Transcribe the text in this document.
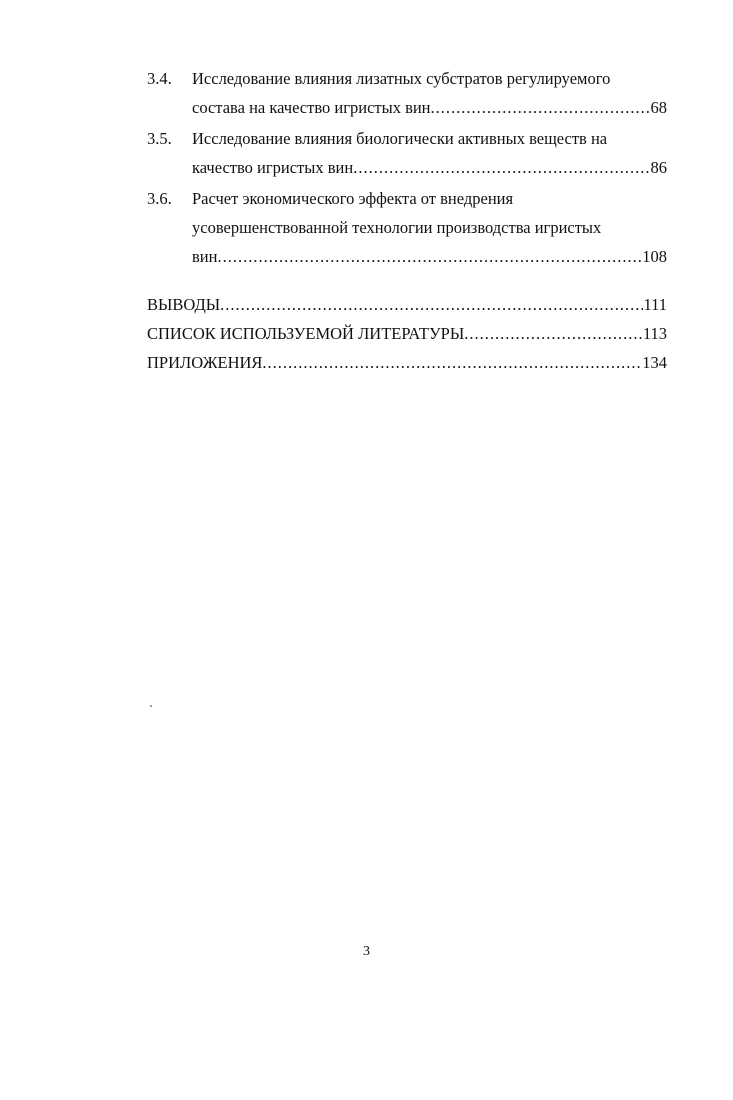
3.4.	Исследование влияния лизатных субстратов регулируемого
состава на качество игристых вин .....	68
3.5.	Исследование влияния биологически активных веществ на
качество игристых вин .....	86
3.6.	Расчет экономического эффекта от внедрения
усовершенствованной технологии производства игристых
вин .....	108
ВЫВОДЫ .....	111
СПИСОК ИСПОЛЬЗУЕМОЙ ЛИТЕРАТУРЫ .....	113
ПРИЛОЖЕНИЯ .....	134
3
